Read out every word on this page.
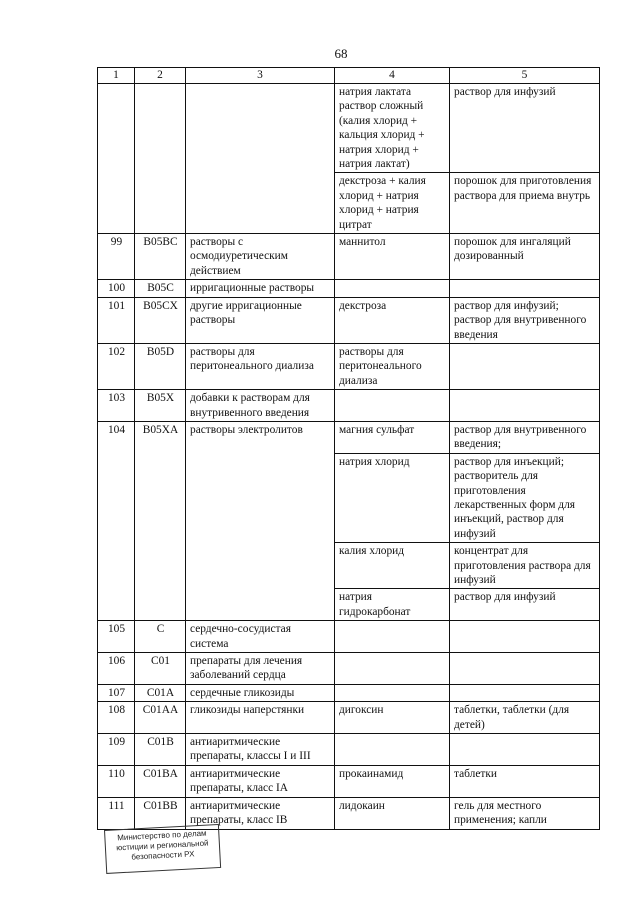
68
1	2	3	4	5
			натрия лактата раствор сложный (калия хлорид + кальция хлорид + натрия хлорид + натрия лактат)	раствор для инфузий
			декстроза + калия хлорид + натрия хлорид + натрия цитрат	порошок для приготовления раствора для приема внутрь
99	B05BC	растворы с осмодиуретическим действием	маннитол	порошок для ингаляций дозированный
100	B05C	ирригационные растворы		
101	B05CX	другие ирригационные растворы	декстроза	раствор для инфузий; раствор для внутривенного введения
102	B05D	растворы для перитонеального диализа	растворы для перитонеального диализа	
103	B05X	добавки к растворам для внутривенного введения		
104	B05XA	растворы электролитов	магния сульфат	раствор для внутривенного введения;
			натрия хлорид	раствор для инъекций; растворитель для приготовления лекарственных форм для инъекций, раствор для инфузий
			калия хлорид	концентрат для приготовления раствора для инфузий
			натрия гидрокарбонат	раствор для инфузий
105	C	сердечно-сосудистая система		
106	C01	препараты для лечения заболеваний сердца		
107	C01A	сердечные гликозиды		
108	C01AA	гликозиды наперстянки	дигоксин	таблетки, таблетки (для детей)
109	C01B	антиаритмические препараты, классы I и III		
110	C01BA	антиаритмические препараты, класс IA	прокаинамид	таблетки
111	C01BB	антиаритмические препараты, класс IB	лидокаин	гель для местного применения; капли
Министерство по делам
юстиции и региональной
безопасности РХ
